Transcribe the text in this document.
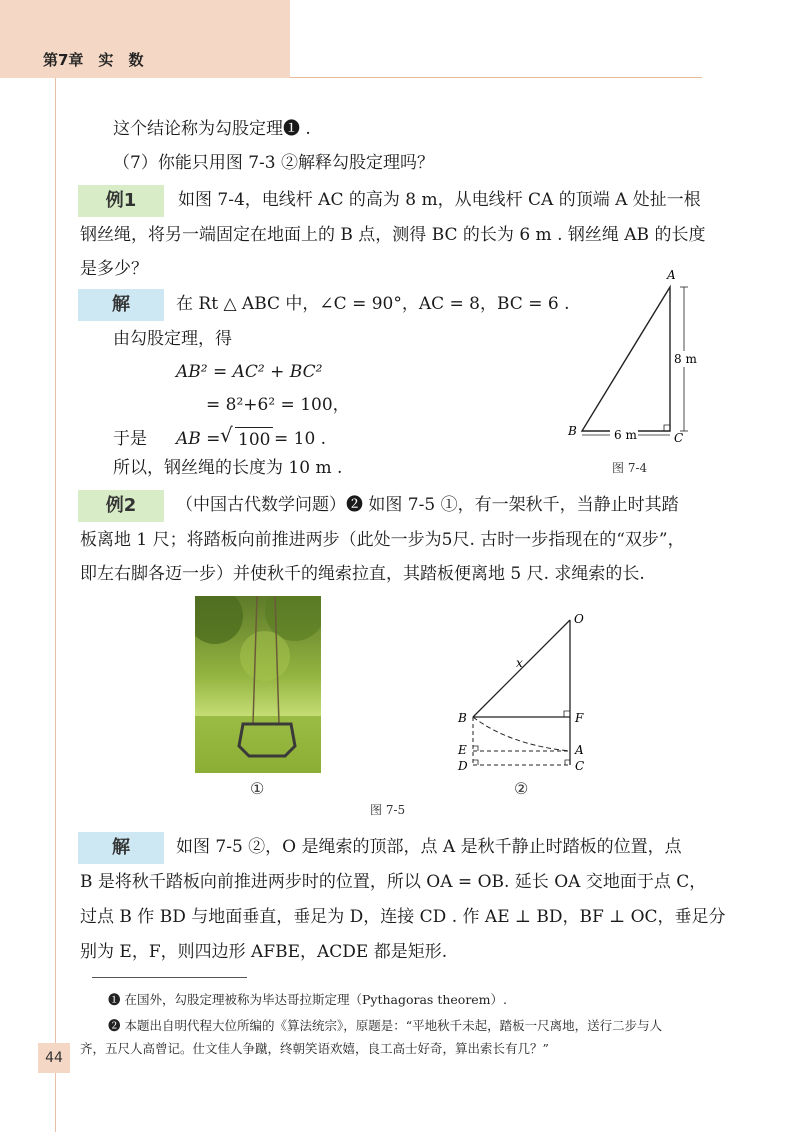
第7章　实　数
这个结论称为勾股定理❶ .
（7）你能只用图 7-3 ②解释勾股定理吗？
例1	如图 7-4，电线杆 AC 的高为 8 m，从电线杆 CA 的顶端 A 处扯一根
钢丝绳，将另一端固定在地面上的 B 点，测得 BC 的长为 6 m . 钢丝绳 AB 的长度
是多少？
解	在 Rt △ ABC 中，∠C = 90°，AC = 8，BC = 6 .
由勾股定理，得
AB² = AC² + BC²
= 8²+6² = 100，
于是 AB = √ 100 = 10 .
所以，钢丝绳的长度为 10 m .
A
B	C
8 m
6 m
图 7-4
例2	（中国古代数学问题）❷ 如图 7-5 ①，有一架秋千，当静止时其踏
板离地 1 尺；将踏板向前推进两步（此处一步为5尺. 古时一步指现在的“双步”，
即左右脚各迈一步）并使秋千的绳索拉直，其踏板便离地 5 尺. 求绳索的长.
①
O
x
B	F
E	A
D	C
②
图 7-5
解	如图 7-5 ②，O 是绳索的顶部，点 A 是秋千静止时踏板的位置，点
B 是将秋千踏板向前推进两步时的位置，所以 OA = OB. 延长 OA 交地面于点 C，
过点 B 作 BD 与地面垂直，垂足为 D，连接 CD . 作 AE ⊥ BD，BF ⊥ OC，垂足分
别为 E，F，则四边形 AFBE，ACDE 都是矩形.
❶ 在国外，勾股定理被称为毕达哥拉斯定理（Pythagoras theorem）.
❷ 本题出自明代程大位所编的《算法统宗》，原题是：“平地秋千未起，踏板一尺离地，送行二步与人
齐，五尺人高曾记。仕文佳人争蹴，终朝笑语欢嬉，良工高士好奇，算出索长有几？”
44
